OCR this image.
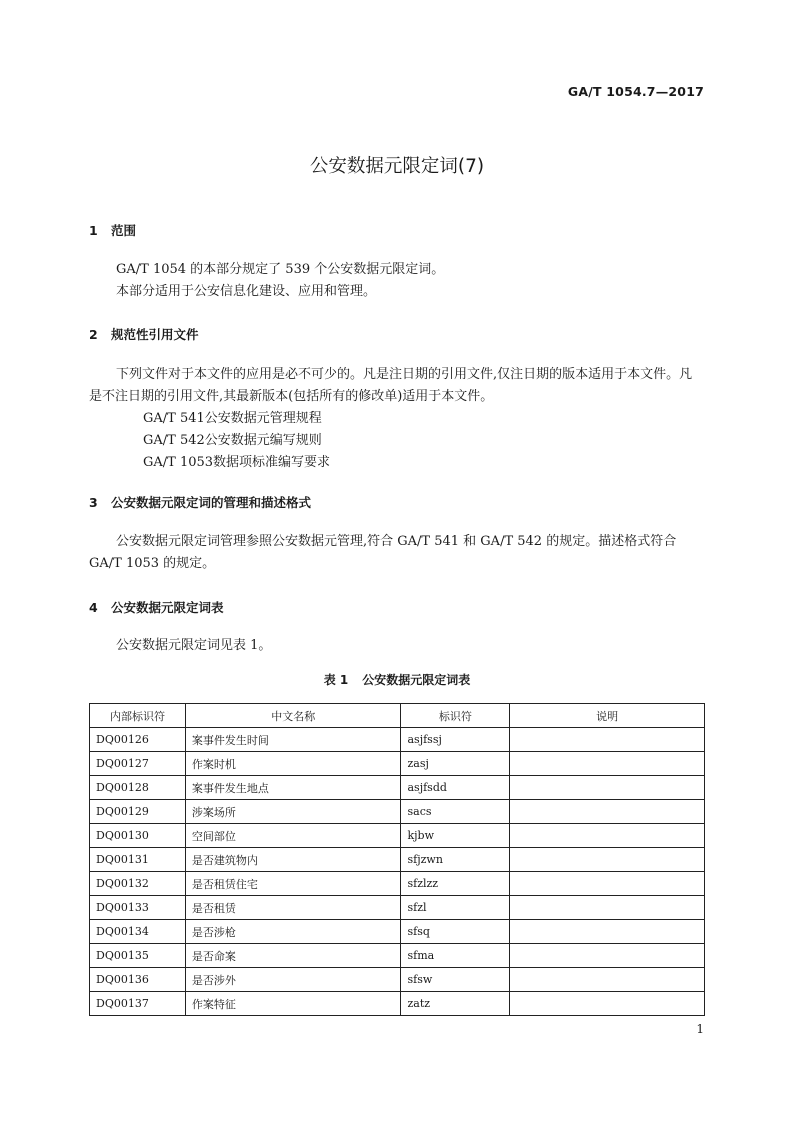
GA/T 1054.7—2017
公安数据元限定词(7)
1 范围

GA/T 1054 的本部分规定了 539 个公安数据元限定词。

本部分适用于公安信息化建设、应用和管理。

2 规范性引用文件

下列文件对于本文件的应用是必不可少的。凡是注日期的引用文件,仅注日期的版本适用于本文件。凡是不注日期的引用文件,其最新版本(包括所有的修改单)适用于本文件。

GA/T 541公安数据元管理规程

GA/T 542公安数据元编写规则

GA/T 1053数据项标准编写要求

3 公安数据元限定词的管理和描述格式

公安数据元限定词管理参照公安数据元管理,符合 GA/T 541 和 GA/T 542 的规定。描述格式符合 GA/T 1053 的规定。

4 公安数据元限定词表

公安数据元限定词见表 1。

表 1 公安数据元限定词表
内部标识符	中文名称	标识符	说明
DQ00126	案事件发生时间	asjfssj	
DQ00127	作案时机	zasj	
DQ00128	案事件发生地点	asjfsdd	
DQ00129	涉案场所	sacs	
DQ00130	空间部位	kjbw	
DQ00131	是否建筑物内	sfjzwn	
DQ00132	是否租赁住宅	sfzlzz	
DQ00133	是否租赁	sfzl	
DQ00134	是否涉枪	sfsq	
DQ00135	是否命案	sfma	
DQ00136	是否涉外	sfsw	
DQ00137	作案特征	zatz	
1
